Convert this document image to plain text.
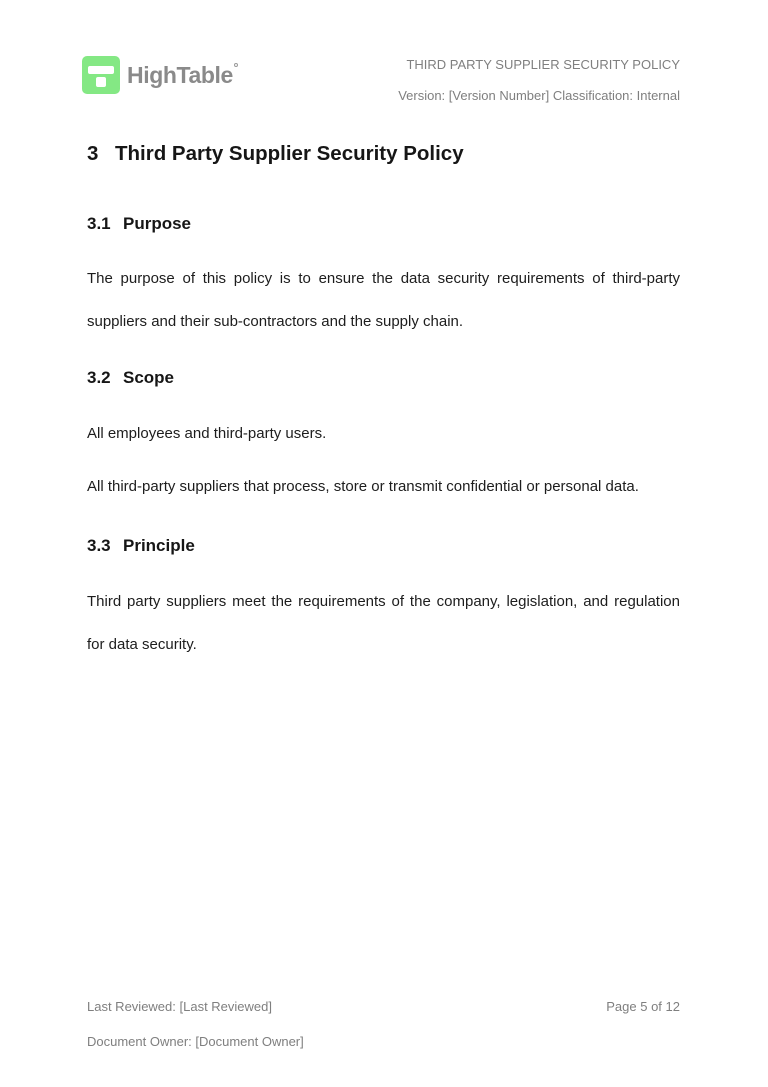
HighTable	THIRD PARTY SUPPLIER SECURITY POLICY
Version: [Version Number] Classification: Internal
3 Third Party Supplier Security Policy
3.1 Purpose

The purpose of this policy is to ensure the data security requirements of third-party suppliers and their sub-contractors and the supply chain.

3.2 Scope

All employees and third-party users.

All third-party suppliers that process, store or transmit confidential or personal data.

3.3 Principle

Third party suppliers meet the requirements of the company, legislation, and regulation for data security.

Last Reviewed: [Last Reviewed]	Page 5 of 12
Document Owner: [Document Owner]
